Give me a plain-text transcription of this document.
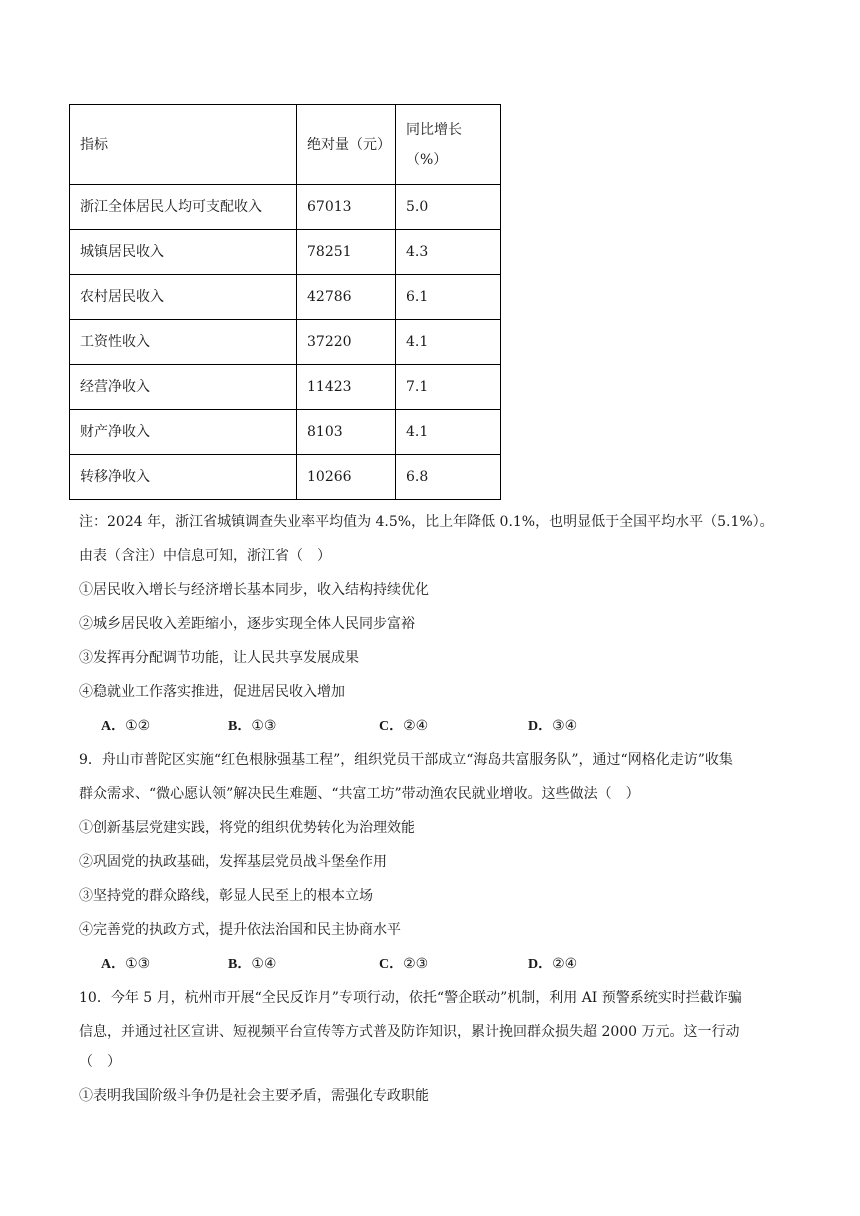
指标	绝对量（元）	同比增长
（%）

浙江全体居民人均可支配收入	67013	5.0
城镇居民收入	78251	4.3
农村居民收入	42786	6.1
工资性收入	37220	4.1
经营净收入	11423	7.1
财产净收入	8103	4.1
转移净收入	10266	6.8
注：2024 年，浙江省城镇调查失业率平均值为 4.5%，比上年降低 0.1%，也明显低于全国平均水平（5.1%）。
由表（含注）中信息可知，浙江省（　）
①居民收入增长与经济增长基本同步，收入结构持续优化
②城乡居民收入差距缩小，逐步实现全体人民同步富裕
③发挥再分配调节功能，让人民共享发展成果
④稳就业工作落实推进，促进居民收入增加
A．①②	B．①③	C．②④	D．③④
9．舟山市普陀区实施“红色根脉强基工程”，组织党员干部成立“海岛共富服务队”，通过“网格化走访”收集
群众需求、“微心愿认领”解决民生难题、“共富工坊”带动渔农民就业增收。这些做法（　）
①创新基层党建实践，将党的组织优势转化为治理效能
②巩固党的执政基础，发挥基层党员战斗堡垒作用
③坚持党的群众路线，彰显人民至上的根本立场
④完善党的执政方式，提升依法治国和民主协商水平
A．①③	B．①④	C．②③	D．②④
10．今年 5 月，杭州市开展“全民反诈月”专项行动，依托“警企联动”机制，利用 AI 预警系统实时拦截诈骗
信息，并通过社区宣讲、短视频平台宣传等方式普及防诈知识，累计挽回群众损失超 2000 万元。这一行动
（　）
①表明我国阶级斗争仍是社会主要矛盾，需强化专政职能
